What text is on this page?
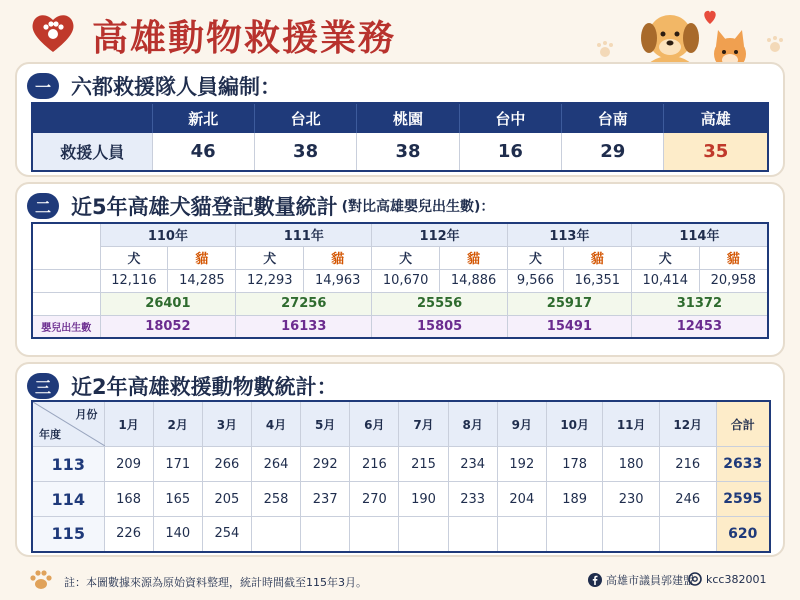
高雄動物救援業務
一 六都救援隊人員編制：
	新北	台北	桃園	台中	台南	高雄
救援人員	46	38	38	16	29	35
二 近5年高雄犬貓登記數量統計 (對比高雄嬰兒出生數)：
	110年		111年		112年		113年		114年	
	犬	貓	犬	貓	犬	貓	犬	貓	犬	貓
	12,116	14,285	12,293	14,963	10,670	14,886	9,566	16,351	10,414	20,958
	26401		27256		25556		25917		31372	
嬰兒出生數	18052		16133		15805		15491		12453	
三 近2年高雄救援動物數統計：
月份
年度	1月	2月	3月	4月	5月	6月	7月	8月	9月	10月	11月	12月	合計
113	209	171	266	264	292	216	215	234	192	178	180	216	2633
114	168	165	205	258	237	270	190	233	204	189	230	246	2595
115	226	140	254										620
註：本圖數據來源為原始資料整理，統計時間截至115年3月。	高雄市議員郭建盟 kcc382001
